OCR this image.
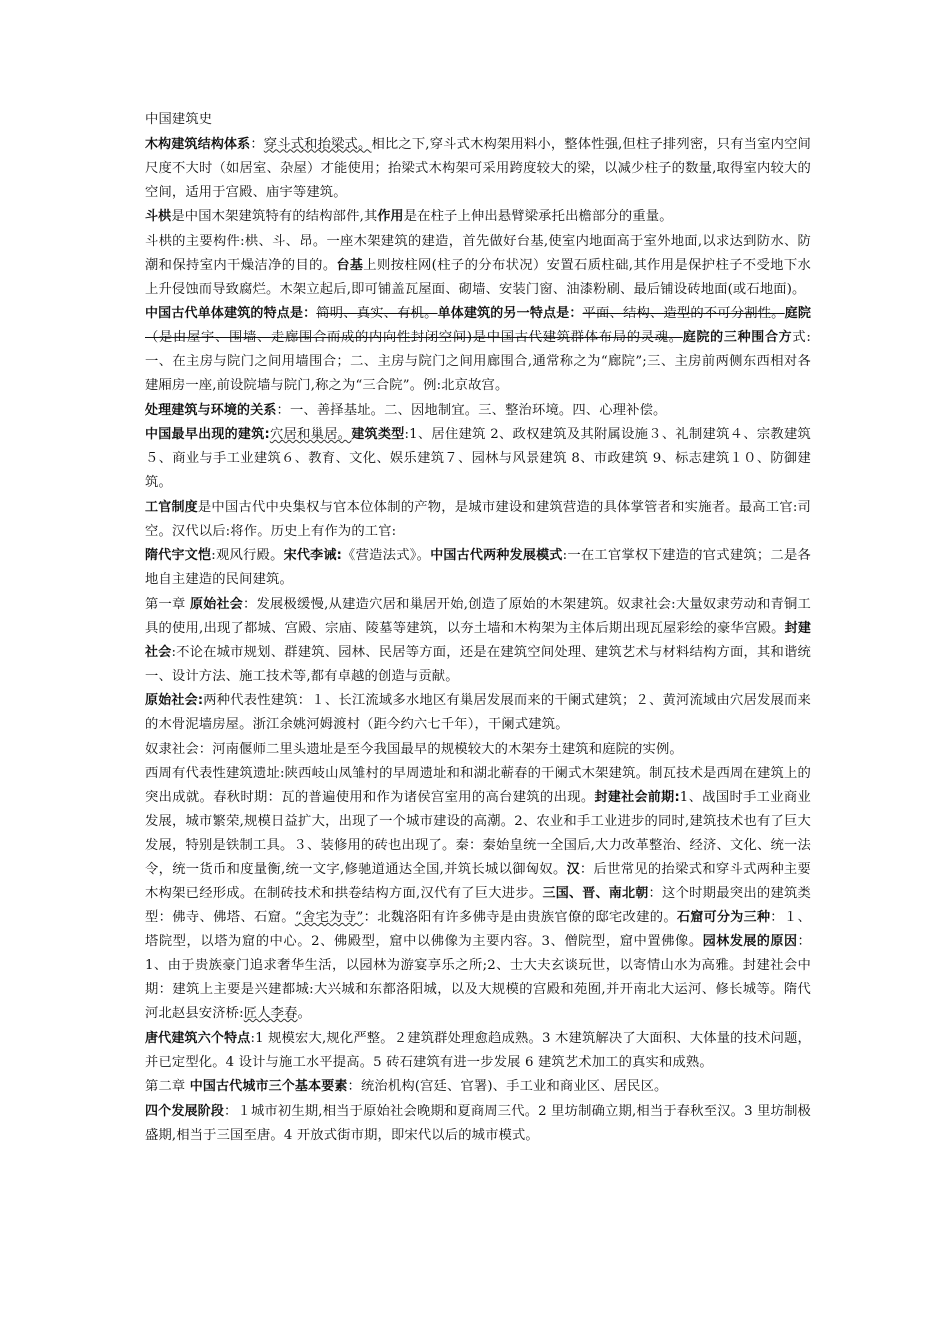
中国建筑史

木构建筑结构体系：穿斗式和抬梁式。相比之下,穿斗式木构架用料小，整体性强,但柱子排列密，只有当室内空间尺度不大时（如居室、杂屋）才能使用；抬梁式木构架可采用跨度较大的梁，以减少柱子的数量,取得室内较大的空间，适用于宫殿、庙宇等建筑。

斗栱是中国木架建筑特有的结构部件,其作用是在柱子上伸出悬臂梁承托出檐部分的重量。

斗栱的主要构件:栱、斗、昂。一座木架建筑的建造，首先做好台基,使室内地面高于室外地面,以求达到防水、防潮和保持室内干燥洁净的目的。台基上则按柱网(柱子的分布状况）安置石质柱础,其作用是保护柱子不受地下水上升侵蚀而导致腐烂。木架立起后,即可铺盖瓦屋面、砌墙、安装门窗、油漆粉刷、最后铺设砖地面(或石地面)。

中国古代单体建筑的特点是：简明、真实、有机。单体建筑的另一特点是：平面、结构、造型的不可分割性。庭院（是由屋宇、围墙、走廊围合而成的内向性封闭空间)是中国古代建筑群体布局的灵魂。庭院的三种围合方式:一、在主房与院门之间用墙围合；二、主房与院门之间用廊围合,通常称之为“廊院”;三、主房前两侧东西相对各建厢房一座,前设院墙与院门,称之为“三合院”。例:北京故宫。

处理建筑与环境的关系：一、善择基址。二、因地制宜。三、整治环境。四、心理补偿。

中国最早出现的建筑:穴居和巢居。建筑类型:1、居住建筑 2、政权建筑及其附属设施３、礼制建筑４、宗教建筑５、商业与手工业建筑６、教育、文化、娱乐建筑７、园林与风景建筑 8、市政建筑 9、标志建筑１０、防御建筑。

工官制度是中国古代中央集权与官本位体制的产物，是城市建设和建筑营造的具体掌管者和实施者。最高工官:司空。汉代以后:将作。历史上有作为的工官:

隋代宇文恺:观风行殿。宋代李诫:《营造法式》。中国古代两种发展模式:一在工官掌权下建造的官式建筑；二是各地自主建造的民间建筑。

第一章 原始社会：发展极缓慢,从建造穴居和巢居开始,创造了原始的木架建筑。奴隶社会:大量奴隶劳动和青铜工具的使用,出现了都城、宫殿、宗庙、陵墓等建筑，以夯土墙和木构架为主体后期出现瓦屋彩绘的豪华宫殿。封建社会:不论在城市规划、群建筑、园林、民居等方面，还是在建筑空间处理、建筑艺术与材料结构方面，其和谐统一、设计方法、施工技术等,都有卓越的创造与贡献。

原始社会:两种代表性建筑：１、长江流域多水地区有巢居发展而来的干阑式建筑；２、黄河流域由穴居发展而来的木骨泥墙房屋。浙江余姚河姆渡村（距今约六七千年），干阑式建筑。

奴隶社会：河南偃师二里头遗址是至今我国最早的规模较大的木架夯土建筑和庭院的实例。

西周有代表性建筑遗址:陕西岐山凤雏村的早周遗址和和湖北蕲春的干阑式木架建筑。制瓦技术是西周在建筑上的突出成就。春秋时期：瓦的普遍使用和作为诸侯宫室用的高台建筑的出现。封建社会前期:1、战国时手工业商业发展，城市繁荣,规模日益扩大，出现了一个城市建设的高潮。2、农业和手工业进步的同时,建筑技术也有了巨大发展，特别是铁制工具。３、装修用的砖也出现了。秦：秦始皇统一全国后,大力改革整治、经济、文化、统一法令，统一货币和度量衡,统一文字,修驰道通达全国,并筑长城以御匈奴。汉：后世常见的抬梁式和穿斗式两种主要木构架已经形成。在制砖技术和拱卷结构方面,汉代有了巨大进步。三国、晋、南北朝：这个时期最突出的建筑类型：佛寺、佛塔、石窟。“舍宅为寺”：北魏洛阳有许多佛寺是由贵族官僚的邸宅改建的。石窟可分为三种：１、塔院型，以塔为窟的中心。2、佛殿型，窟中以佛像为主要内容。3、僧院型，窟中置佛像。园林发展的原因：1、由于贵族豪门追求奢华生活，以园林为游宴享乐之所;2、士大夫玄谈玩世，以寄情山水为高雅。封建社会中期：建筑上主要是兴建都城:大兴城和东都洛阳城，以及大规模的宫殿和苑囿,并开南北大运河、修长城等。隋代河北赵县安济桥:匠人李春。

唐代建筑六个特点:1 规模宏大,规化严整。２建筑群处理愈趋成熟。3 木建筑解决了大面积、大体量的技术问题，并已定型化。4 设计与施工水平提高。5 砖石建筑有进一步发展 6 建筑艺术加工的真实和成熟。

第二章 中国古代城市三个基本要素：统治机构(宫廷、官署)、手工业和商业区、居民区。

四个发展阶段：１城市初生期,相当于原始社会晚期和夏商周三代。2 里坊制确立期,相当于春秋至汉。3 里坊制极盛期,相当于三国至唐。4 开放式街市期，即宋代以后的城市模式。
